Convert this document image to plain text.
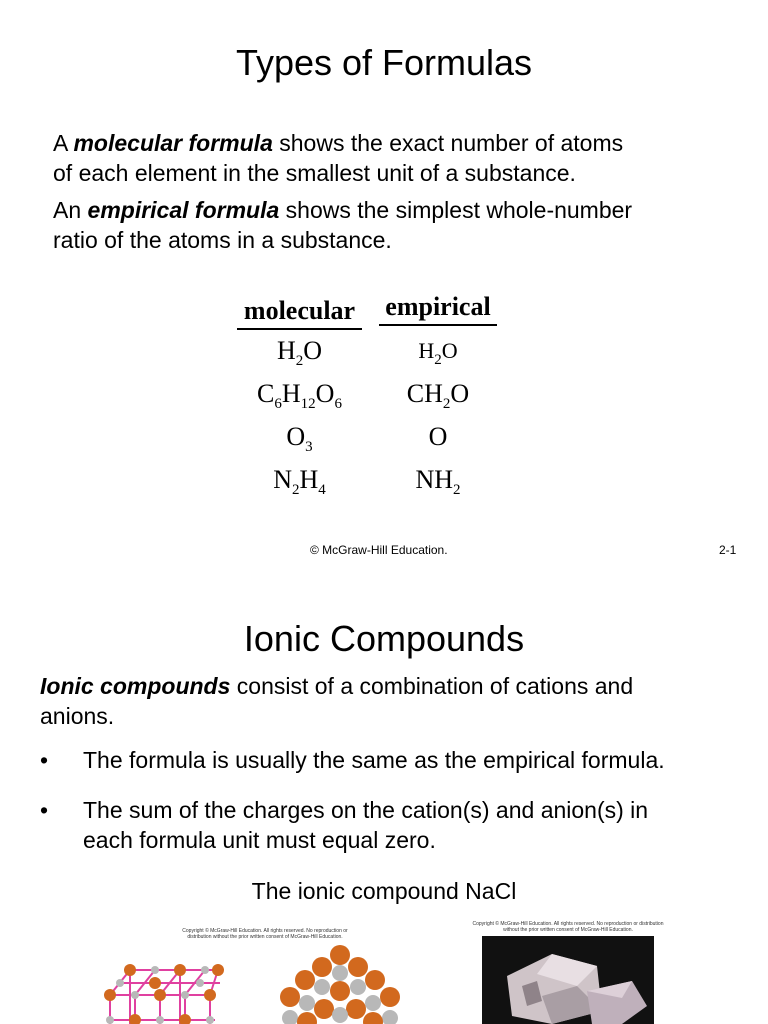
Types of Formulas

A molecular formula shows the exact number of atoms
of each element in the smallest unit of a substance.

An empirical formula shows the simplest whole-number
ratio of the atoms in a substance.

molecular
$H_2O$
$C_6H_{12}O_6$
$O_3$
$N_2H_4$
empirical
$H_2O$
$CH_2O$
O
$NH_2$
© McGraw-Hill Education.	2-1
Ionic Compounds

Ionic compounds consist of a combination of cations and
anions.

• The formula is usually the same as the empirical formula.
• The sum of the charges on the cation(s) and anion(s) in
each formula unit must equal zero.
The ionic compound NaCl
Copyright © McGraw-Hill Education. All rights reserved. No reproduction or distribution without the prior written consent of McGraw-Hill Education.
Copyright © McGraw-Hill Education. All rights reserved. No reproduction or distribution without the prior written consent of McGraw-Hill Education.
